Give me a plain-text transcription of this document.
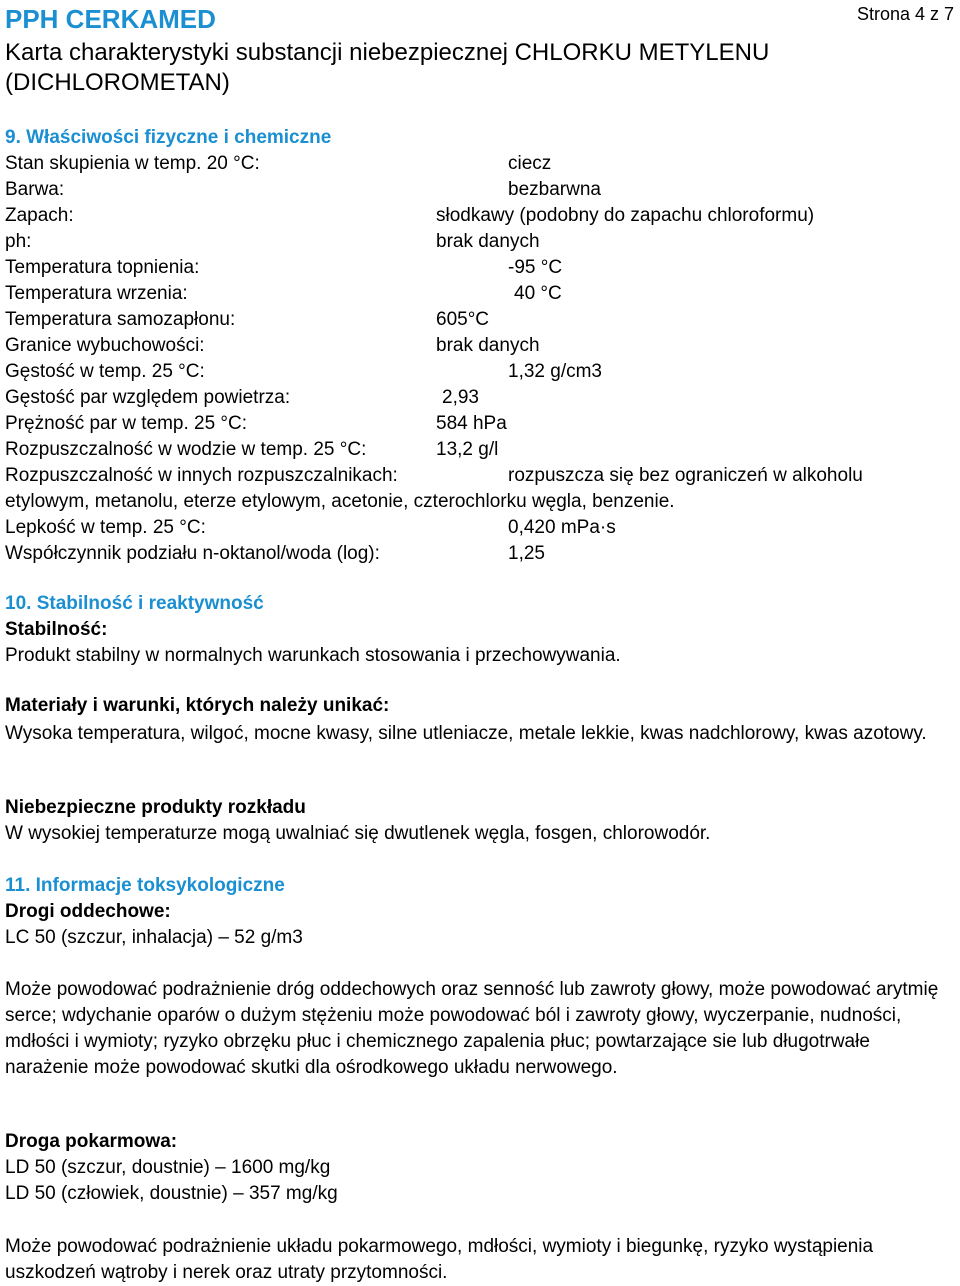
PPH CERKAMED	Strona 4 z 7
Karta charakterystyki substancji niebezpiecznej CHLORKU METYLENU (DICHLOROMETAN)
9. Właściwości fizyczne i chemiczne
Stan skupienia w temp. 20 °C:	ciecz
Barwa:	bezbarwna
Zapach:	słodkawy (podobny do zapachu chloroformu)
ph:	brak danych
Temperatura topnienia:	-95 °C
Temperatura wrzenia:	40 °C
Temperatura samozapłonu:	605°C
Granice wybuchowości:	brak danych
Gęstość w temp. 25 °C:	1,32 g/cm3
Gęstość par względem powietrza:	2,93
Prężność par w temp. 25 °C:	584 hPa
Rozpuszczalność w wodzie w temp. 25 °C:	13,2 g/l
Rozpuszczalność w innych rozpuszczalnikach:	rozpuszcza się bez ograniczeń w alkoholu
etylowym, metanolu, eterze etylowym, acetonie, czterochlorku węgla, benzenie.
Lepkość w temp. 25 °C:	0,420 mPa·s
Współczynnik podziału n-oktanol/woda (log):	1,25
10. Stabilność i reaktywność
Stabilność:
Produkt stabilny w normalnych warunkach stosowania i przechowywania.
Materiały i warunki, których należy unikać:
Wysoka temperatura, wilgoć, mocne kwasy, silne utleniacze, metale lekkie, kwas nadchlorowy, kwas azotowy.
Niebezpieczne produkty rozkładu
W wysokiej temperaturze mogą uwalniać się dwutlenek węgla, fosgen, chlorowodór.
11. Informacje toksykologiczne
Drogi oddechowe:
LC 50 (szczur, inhalacja) – 52 g/m3
Może powodować podrażnienie dróg oddechowych oraz senność lub zawroty głowy, może powodować arytmię serce; wdychanie oparów o dużym stężeniu może powodować ból i zawroty głowy, wyczerpanie, nudności, mdłości i wymioty; ryzyko obrzęku płuc i chemicznego zapalenia płuc; powtarzające sie lub długotrwałe narażenie może powodować skutki dla ośrodkowego układu nerwowego.
Droga pokarmowa:
LD 50 (szczur, doustnie) – 1600 mg/kg
LD 50 (człowiek, doustnie) – 357 mg/kg
Może powodować podrażnienie układu pokarmowego, mdłości, wymioty i biegunkę, ryzyko wystąpienia uszkodzeń wątroby i nerek oraz utraty przytomności.
